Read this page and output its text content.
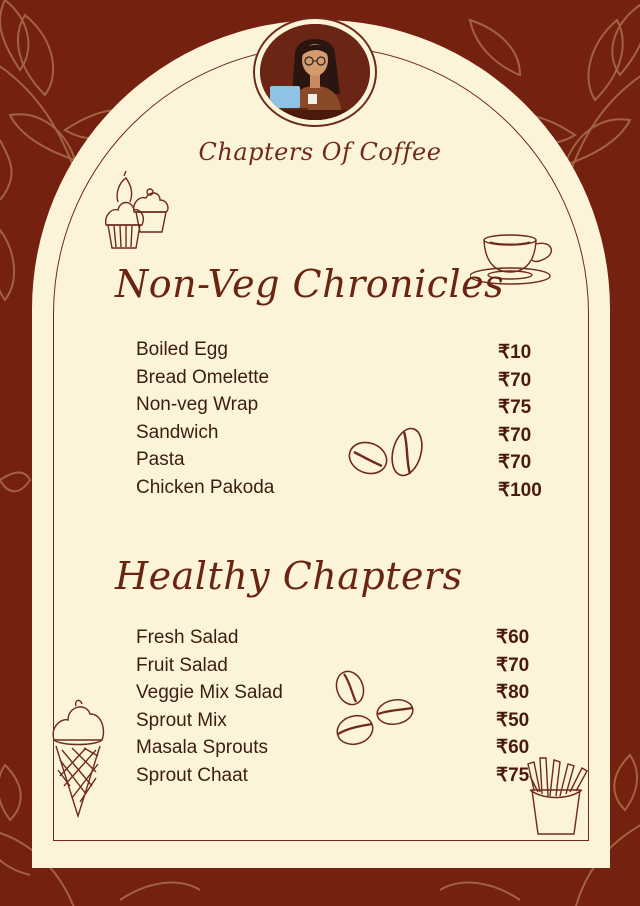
Chapters Of Coffee
Non-Veg Chronicles
Boiled Egg	₹10
Bread Omelette	₹70
Non-veg Wrap	₹75
Sandwich	₹70
Pasta	₹70
Chicken Pakoda	₹100
Healthy Chapters
Fresh Salad	₹60
Fruit Salad	₹70
Veggie Mix Salad	₹80
Sprout Mix	₹50
Masala Sprouts	₹60
Sprout Chaat	₹75
